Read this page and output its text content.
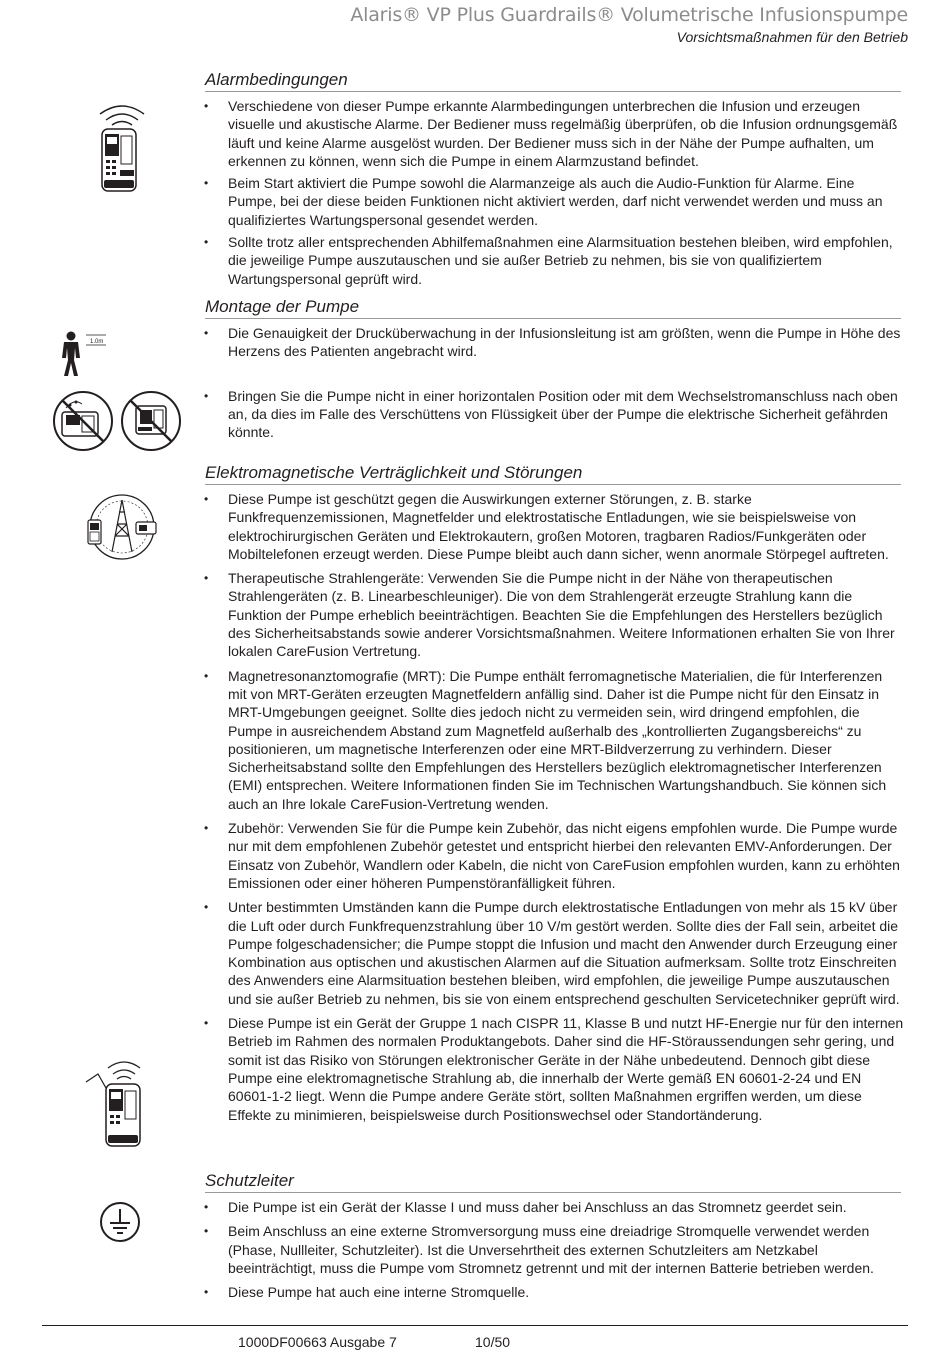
Alaris® VP Plus Guardrails® Volumetrische Infusionspumpe
Vorsichtsmaßnahmen für den Betrieb
Alarmbedingungen
• Verschiedene von dieser Pumpe erkannte Alarmbedingungen unterbrechen die Infusion und erzeugen visuelle und akustische Alarme. Der Bediener muss regelmäßig überprüfen, ob die Infusion ordnungsgemäß läuft und keine Alarme ausgelöst wurden. Der Bediener muss sich in der Nähe der Pumpe aufhalten, um erkennen zu können, wenn sich die Pumpe in einem Alarmzustand befindet.
• Beim Start aktiviert die Pumpe sowohl die Alarmanzeige als auch die Audio-Funktion für Alarme. Eine Pumpe, bei der diese beiden Funktionen nicht aktiviert werden, darf nicht verwendet werden und muss an qualifiziertes Wartungspersonal gesendet werden.
• Sollte trotz aller entsprechenden Abhilfemaßnahmen eine Alarmsituation bestehen bleiben, wird empfohlen, die jeweilige Pumpe auszutauschen und sie außer Betrieb zu nehmen, bis sie von qualifiziertem Wartungspersonal geprüft wird.
Montage der Pumpe
• Die Genauigkeit der Drucküberwachung in der Infusionsleitung ist am größten, wenn die Pumpe in Höhe des Herzens des Patienten angebracht wird.
• Bringen Sie die Pumpe nicht in einer horizontalen Position oder mit dem Wechselstromanschluss nach oben an, da dies im Falle des Verschüttens von Flüssigkeit über der Pumpe die elektrische Sicherheit gefährden könnte.
1.0m
Elektromagnetische Verträglichkeit und Störungen
• Diese Pumpe ist geschützt gegen die Auswirkungen externer Störungen, z. B. starke Funkfrequenzemissionen, Magnetfelder und elektrostatische Entladungen, wie sie beispielsweise von elektrochirurgischen Geräten und Elektrokautern, großen Motoren, tragbaren Radios/Funkgeräten oder Mobiltelefonen erzeugt werden. Diese Pumpe bleibt auch dann sicher, wenn anormale Störpegel auftreten.
• Therapeutische Strahlengeräte: Verwenden Sie die Pumpe nicht in der Nähe von therapeutischen Strahlengeräten (z. B. Linearbeschleuniger). Die von dem Strahlengerät erzeugte Strahlung kann die Funktion der Pumpe erheblich beeinträchtigen. Beachten Sie die Empfehlungen des Herstellers bezüglich des Sicherheitsabstands sowie anderer Vorsichtsmaßnahmen. Weitere Informationen erhalten Sie von Ihrer lokalen CareFusion Vertretung.
• Magnetresonanztomografie (MRT): Die Pumpe enthält ferromagnetische Materialien, die für Interferenzen mit von MRT-Geräten erzeugten Magnetfeldern anfällig sind. Daher ist die Pumpe nicht für den Einsatz in MRT-Umgebungen geeignet. Sollte dies jedoch nicht zu vermeiden sein, wird dringend empfohlen, die Pumpe in ausreichendem Abstand zum Magnetfeld außerhalb des „kontrollierten Zugangsbereichs“ zu positionieren, um magnetische Interferenzen oder eine MRT-Bildverzerrung zu verhindern. Dieser Sicherheitsabstand sollte den Empfehlungen des Herstellers bezüglich elektromagnetischer Interferenzen (EMI) entsprechen. Weitere Informationen finden Sie im Technischen Wartungshandbuch. Sie können sich auch an Ihre lokale CareFusion-Vertretung wenden.
• Zubehör: Verwenden Sie für die Pumpe kein Zubehör, das nicht eigens empfohlen wurde. Die Pumpe wurde nur mit dem empfohlenen Zubehör getestet und entspricht hierbei den relevanten EMV-Anforderungen. Der Einsatz von Zubehör, Wandlern oder Kabeln, die nicht von CareFusion empfohlen wurden, kann zu erhöhten Emissionen oder einer höheren Pumpenstöranfälligkeit führen.
• Unter bestimmten Umständen kann die Pumpe durch elektrostatische Entladungen von mehr als 15 kV über die Luft oder durch Funkfrequenzstrahlung über 10 V/m gestört werden. Sollte dies der Fall sein, arbeitet die Pumpe folgeschadensicher; die Pumpe stoppt die Infusion und macht den Anwender durch Erzeugung einer Kombination aus optischen und akustischen Alarmen auf die Situation aufmerksam. Sollte trotz Einschreiten des Anwenders eine Alarmsituation bestehen bleiben, wird empfohlen, die jeweilige Pumpe auszutauschen und sie außer Betrieb zu nehmen, bis sie von einem entsprechend geschulten Servicetechniker geprüft wird.
• Diese Pumpe ist ein Gerät der Gruppe 1 nach CISPR 11, Klasse B und nutzt HF-Energie nur für den internen Betrieb im Rahmen des normalen Produktangebots. Daher sind die HF-Störaussendungen sehr gering, und somit ist das Risiko von Störungen elektronischer Geräte in der Nähe unbedeutend. Dennoch gibt diese Pumpe eine elektromagnetische Strahlung ab, die innerhalb der Werte gemäß EN 60601-2-24 und EN 60601-1-2 liegt. Wenn die Pumpe andere Geräte stört, sollten Maßnahmen ergriffen werden, um diese Effekte zu minimieren, beispielsweise durch Positionswechsel oder Standortänderung.
Schutzleiter
• Die Pumpe ist ein Gerät der Klasse I und muss daher bei Anschluss an das Stromnetz geerdet sein.
• Beim Anschluss an eine externe Stromversorgung muss eine dreiadrige Stromquelle verwendet werden (Phase, Nullleiter, Schutzleiter). Ist die Unversehrtheit des externen Schutzleiters am Netzkabel beeinträchtigt, muss die Pumpe vom Stromnetz getrennt und mit der internen Batterie betrieben werden.
• Diese Pumpe hat auch eine interne Stromquelle.
1000DF00663 Ausgabe 7	10/50
